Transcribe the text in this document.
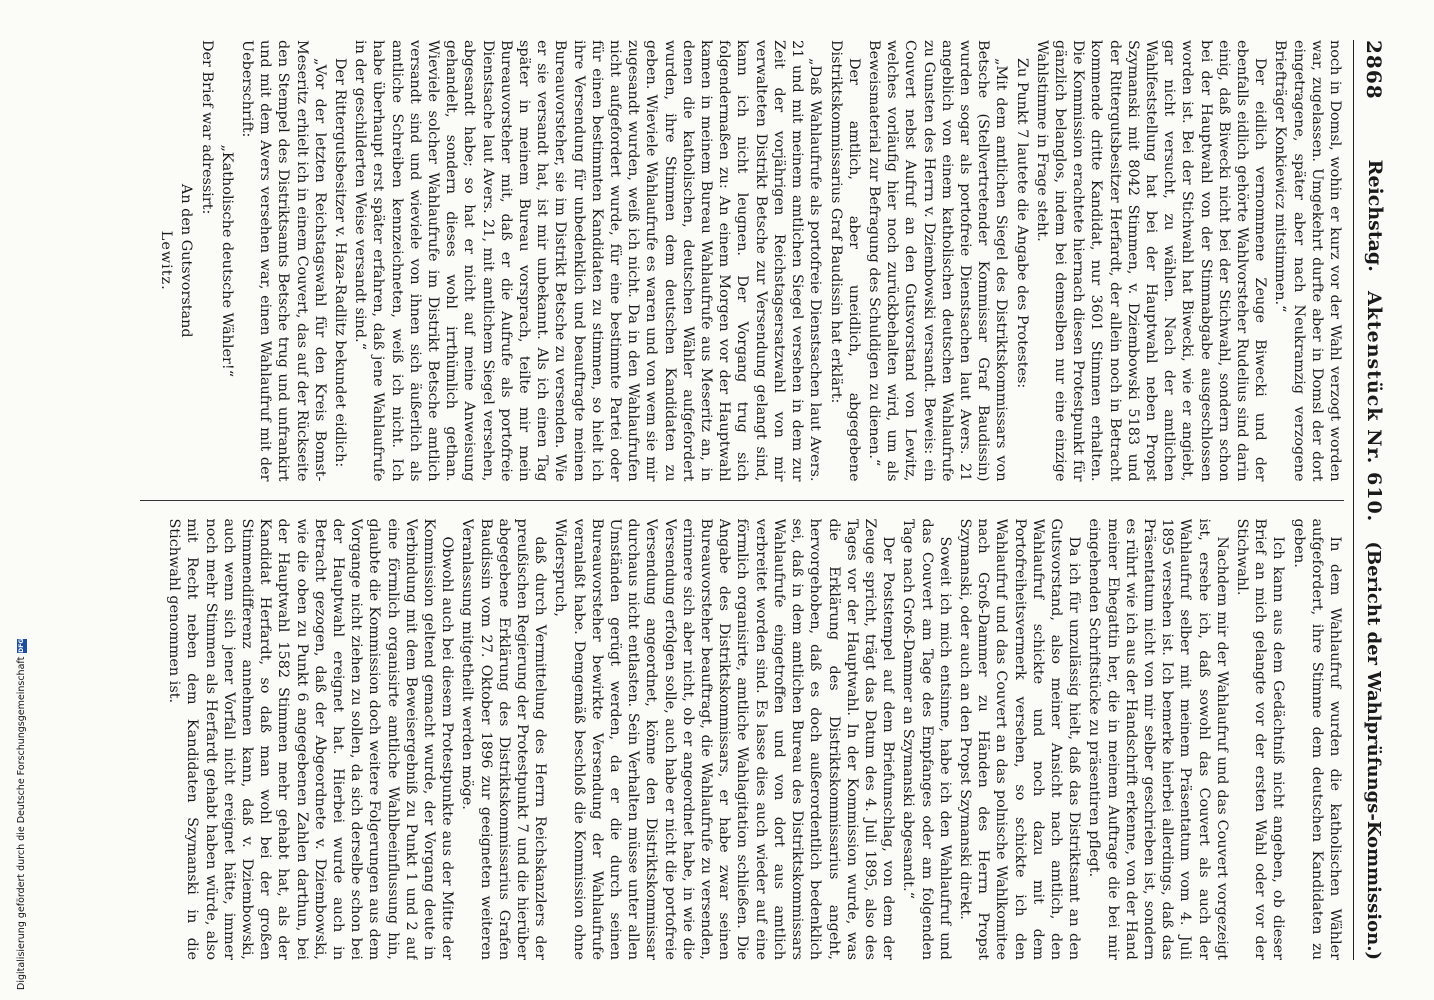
2868
Reichstag.
Aktenstück Nr. 610.
(Bericht der Wahlprüfungs-Kommission.)

noch in Domsl, wohin er kurz vor der Wahl verzogt worden war, zugelassen. Umgekehrt durfte aber in Domsl der dort eingetragene, später aber nach Neukramzig verzogene Briefträger Konkiewicz mitstimmen.“

Der eidlich vernommene Zeuge Biwecki und der ebenfalls eidlich gehörte Wahlvorsteher Rudelius sind darin einig, daß Biwecki nicht bei der Stichwahl, sondern schon bei der Hauptwahl von der Stimmabgabe ausgeschlossen worden ist. Bei der Stichwahl hat Biwecki, wie er angiebt, gar nicht versucht, zu wählen. Nach der amtlichen Wahlfeststellung hat bei der Hauptwahl neben Propst Szymanski mit 8042 Stimmen, v. Dziembowski 5183 und der Rittergutsbesitzer Herfardt, der allein noch in Betracht kommende dritte Kandidat, nur 3601 Stimmen erhalten. Die Kommission erachtete hiernach diesen Protestpunkt für gänzlich belanglos, indem bei demselben nur eine einzige Wahlstimme in Frage steht.

Zu Punkt 7 lautete die Angabe des Protestes:

„Mit dem amtlichen Siegel des Distriktskommissars von Betsche (Stellvertretender Kommissar Graf Baudissin) wurden sogar als portofreie Dienstsachen laut Avers. 21 angeblich von einem katholischen deutschen Wahlaufrufe zu Gunsten des Herrn v. Dziembowski versandt. Beweis: ein Couvert nebst Aufruf an den Gutsvorstand von Lewitz, welches vorläufig hier noch zurückbehalten wird, um als Beweismaterial zur Befragung des Schuldigen zu dienen.“

Der amtlich, aber uneidlich, abgegebene Distriktskommissarius Graf Baudissin hat erklärt:

„Daß Wahlaufrufe als portofreie Dienstsachen laut Avers. 21 und mit meinem amtlichen Siegel versehen in dem zur Zeit der vorjährigen Reichstagsersatzwahl von mir verwalteten Distrikt Betsche zur Versendung gelangt sind, kann ich nicht leugnen. Der Vorgang trug sich folgendermaßen zu: An einem Morgen vor der Hauptwahl kamen in meinem Bureau Wahlaufrufe aus Meseritz an, in denen die katholischen, deutschen Wähler aufgefordert wurden, ihre Stimmen dem deutschen Kandidaten zu geben. Wieviele Wahlaufrufe es waren und von wem sie mir zugesandt wurden, weiß ich nicht. Da in den Wahlaufrufen nicht aufgefordert wurde, für eine bestimmte Partei oder für einen bestimmten Kandidaten zu stimmen, so hielt ich ihre Versendung für unbedenklich und beauftragte meinen Bureauvorsteher, sie im Distrikt Betsche zu versenden. Wie er sie versandt hat, ist mir unbekannt. Als ich einen Tag später in meinem Bureau vorsprach, teilte mir mein Bureauvorsteher mit, daß er die Aufrufe als portofreie Dienstsache laut Avers. 21, mit amtlichem Siegel versehen, abgesandt habe; so hat er nicht auf meine Anweisung gehandelt, sondern dieses wohl irrthümlich gethan. Wieviele solcher Wahlaufrufe im Distrikt Betsche amtlich versandt sind und wieviele von ihnen sich äußerlich als amtliche Schreiben kennzeichneten, weiß ich nicht. Ich habe überhaupt erst später erfahren, daß jene Wahlaufrufe in der geschilderten Weise versandt sind.“

Der Rittergutsbesitzer v. Haza-Radlitz bekundet eidlich:

„Vor der letzten Reichstagswahl für den Kreis Bomst-Meseritz erhielt ich in einem Couvert, das auf der Rückseite den Stempel des Distriktsamts Betsche trug und unfrankirt und mit dem Avers versehen war, einen Wahlaufruf mit der Ueberschrift:

„Katholische deutsche Wähler!“

Der Brief war adressirt:

An den Gutsvorstand

Lewitz.

In dem Wahlaufruf wurden die katholischen Wähler aufgefordert, ihre Stimme dem deutschen Kandidaten zu geben.

Ich kann aus dem Gedächtniß nicht angeben, ob dieser Brief an mich gelangte vor der ersten Wahl oder vor der Stichwahl.

Nachdem mir der Wahlaufruf und das Couvert vorgezeigt ist, ersehe ich, daß sowohl das Couvert als auch der Wahlaufruf selber mit meinem Präsentatum vom 4. Juli 1895 versehen ist. Ich bemerke hierbei allerdings, daß das Präsentatum nicht von mir selber geschrieben ist, sondern es rührt wie ich aus der Handschrift erkenne, von der Hand meiner Ehegattin her, die in meinem Auftrage die bei mir eingehenden Schriftstücke zu präsentiren pflegt.

Da ich für unzulässig hielt, daß das Distriktsamt an den Gutsvorstand, also meiner Ansicht nach amtlich, den Wahlaufruf schickte und noch dazu mit dem Portofreiheitsvermerk versehen, so schickte ich den Wahlaufruf und das Couvert an das polnische Wahlkomitee nach Groß-Dammer zu Händen des Herrn Propst Szymanski, oder auch an den Propst Szymanski direkt.

Soweit ich mich entsinne, habe ich den Wahlaufruf und das Couvert am Tage des Empfanges oder am folgenden Tage nach Groß-Dammer an Szymanski abgesandt.“

Der Poststempel auf dem Briefumschlag, von dem der Zeuge spricht, trägt das Datum des 4. Juli 1895, also des Tages vor der Hauptwahl. In der Kommission wurde, was die Erklärung des Distriktskommissarius angeht, hervorgehoben, daß es doch außerordentlich bedenklich sei, daß in dem amtlichen Bureau des Distriktskommissars Wahlaufrufe eingetroffen und von dort aus amtlich verbreitet worden sind. Es lasse dies auch wieder auf eine förmlich organisirte, amtliche Wahlagitation schließen. Die Angabe des Distriktskommissars, er habe zwar seinen Bureauvorsteher beauftragt, die Wahlaufrufe zu versenden, erinnere sich aber nicht, ob er angeordnet habe, in wie die Versendung erfolgen solle, auch habe er nicht die portofreie Versendung angeordnet, könne den Distriktskommissar durchaus nicht entlasten. Sein Verhalten müsse unter allen Umständen gerügt werden, da er die durch seinen Bureauvorsteher bewirkte Versendung der Wahlaufrufe veranlaßt habe. Demgemäß beschloß die Kommission ohne Widerspruch,

daß durch Vermittelung des Herrn Reichskanzlers der preußischen Regierung der Protestpunkt 7 und die hierüber abgegebene Erklärung des Distriktskommissarius Grafen Baudissin vom 27. Oktober 1896 zur geeigneten weiteren Veranlassung mitgetheilt werden möge.

Obwohl auch bei diesem Protestpunkte aus der Mitte der Kommission geltend gemacht wurde, der Vorgang deute in Verbindung mit dem Beweisergebniß zu Punkt 1 und 2 auf eine förmlich organisirte amtliche Wahlbeeinflussung hin, glaubte die Kommission doch weitere Folgerungen aus dem Vorgange nicht ziehen zu sollen, da sich derselbe schon bei der Hauptwahl ereignet hat. Hierbei wurde auch in Betracht gezogen, daß der Abgeordnete v. Dziembowski, wie die oben zu Punkt 6 angegebenen Zahlen darthun, bei der Hauptwahl 1582 Stimmen mehr gehabt hat, als der Kandidat Herfardt, so daß man wohl bei der großen Stimmendifferenz annehmen kann, daß v. Dziembowski, auch wenn sich jener Vorfall nicht ereignet hätte, immer noch mehr Stimmen als Herfardt gehabt haben würde, also mit Recht neben dem Kandidaten Szymanski in die Stichwahl genommen ist.

Digitalisierung gefördert durch die Deutsche Forschungsgemeinschaft
DFG
